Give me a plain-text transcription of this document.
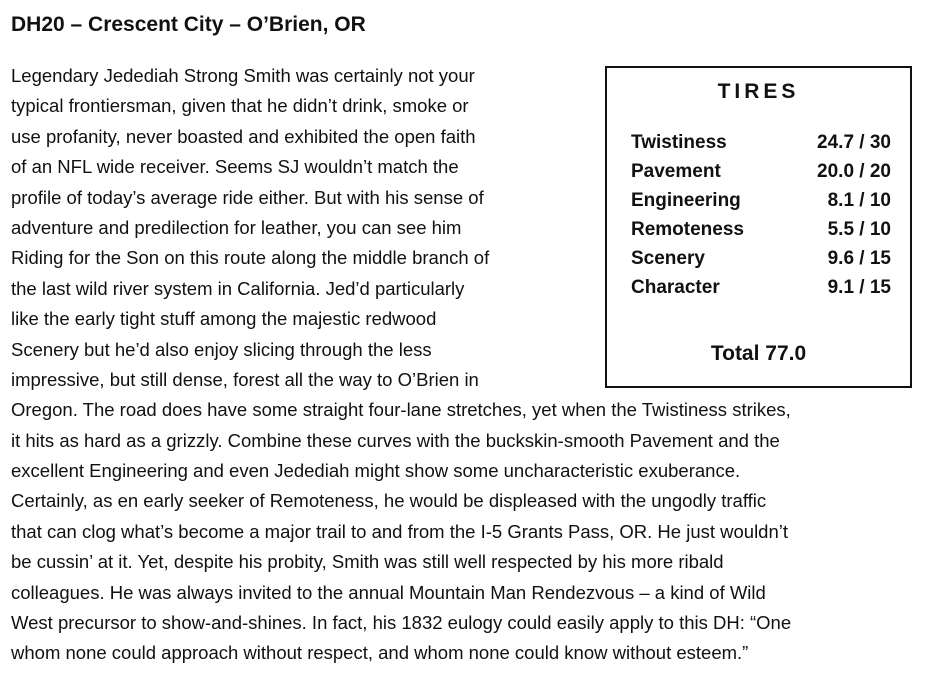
DH20 – Crescent City – O’Brien, OR
Legendary Jedediah Strong Smith was certainly not your
typical frontiersman, given that he didn’t drink, smoke or
use profanity, never boasted and exhibited the open faith
of an NFL wide receiver. Seems SJ wouldn’t match the
profile of today’s average ride either. But with his sense of
adventure and predilection for leather, you can see him
Riding for the Son on this route along the middle branch of
the last wild river system in California. Jed’d particularly
like the early tight stuff among the majestic redwood
Scenery but he’d also enjoy slicing through the less
impressive, but still dense, forest all the way to O’Brien in
Oregon. The road does have some straight four-lane stretches, yet when the Twistiness strikes,
it hits as hard as a grizzly. Combine these curves with the buckskin-smooth Pavement and the
excellent Engineering and even Jedediah might show some uncharacteristic exuberance.
Certainly, as en early seeker of Remoteness, he would be displeased with the ungodly traffic
that can clog what’s become a major trail to and from the I-5 Grants Pass, OR. He just wouldn’t
be cussin’ at it. Yet, despite his probity, Smith was still well respected by his more ribald
colleagues. He was always invited to the annual Mountain Man Rendezvous – a kind of Wild
West precursor to show-and-shines. In fact, his 1832 eulogy could easily apply to this DH: “One
whom none could approach without respect, and whom none could know without esteem.”
TIRES
Twistiness	24.7 / 30
Pavement	20.0 / 20
Engineering	8.1 / 10
Remoteness	5.5 / 10
Scenery	9.6 / 15
Character	9.1 / 15
Total 77.0
